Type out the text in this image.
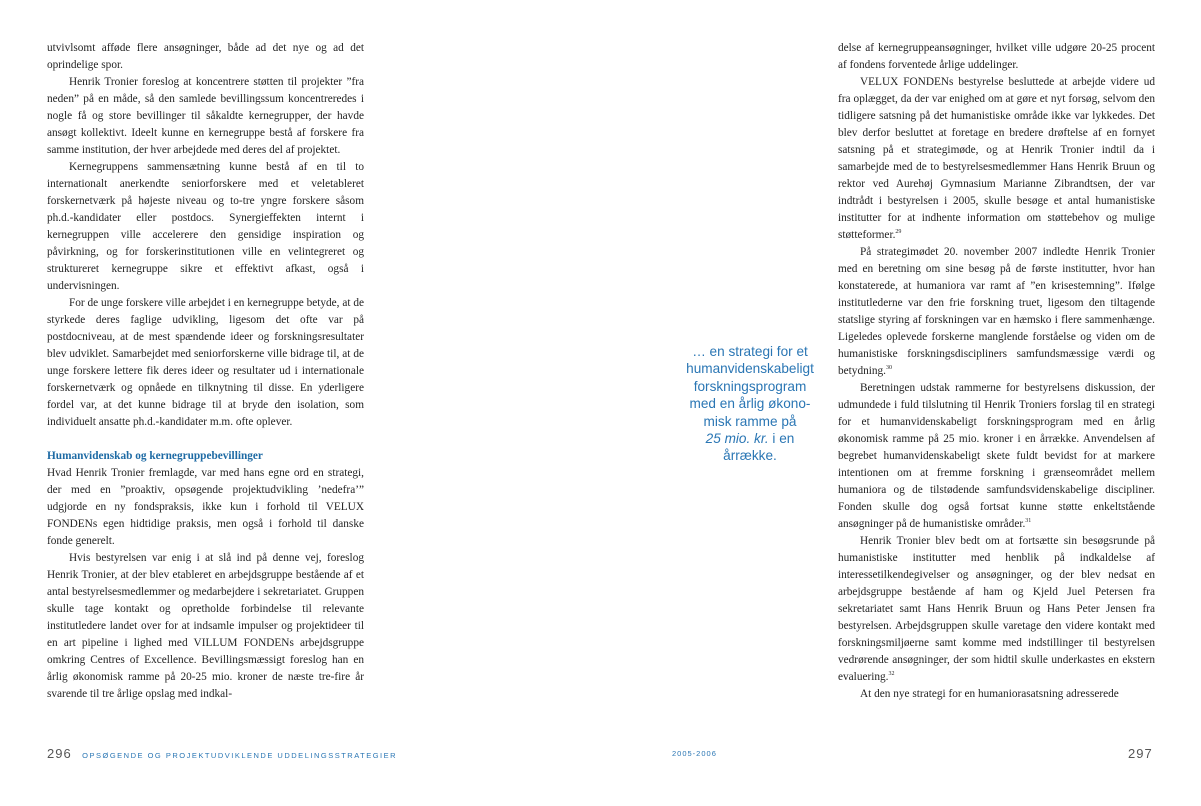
utvivlsomt afføde flere ansøgninger, både ad det nye og ad det oprindelige spor.

Henrik Tronier foreslog at koncentrere støtten til projekter ”fra neden” på en måde, så den samlede bevillingssum koncentreredes i nogle få og store bevillinger til såkaldte kernegrupper, der havde ansøgt kollektivt. Ideelt kunne en kernegruppe bestå af forskere fra samme institution, der hver arbejdede med deres del af projektet.

Kernegruppens sammensætning kunne bestå af en til to internationalt anerkendte seniorforskere med et veletableret forskernetværk på højeste niveau og to-tre yngre forskere såsom ph.d.-kandidater eller postdocs. Synergieffekten internt i kernegruppen ville accelerere den gensidige inspiration og påvirkning, og for forskerinstitutionen ville en velintegreret og struktureret kernegruppe sikre et effektivt afkast, også i undervisningen.

For de unge forskere ville arbejdet i en kernegruppe betyde, at de styrkede deres faglige udvikling, ligesom det ofte var på postdocniveau, at de mest spændende ideer og forskningsresultater blev udviklet. Samarbejdet med seniorforskerne ville bidrage til, at de unge forskere lettere fik deres ideer og resultater ud i internationale forskernetværk og opnåede en tilknytning til disse. En yderligere fordel var, at det kunne bidrage til at bryde den isolation, som individuelt ansatte ph.d.-kandidater m.m. ofte oplever.

Humanvidenskab og kernegruppebevillinger

Hvad Henrik Tronier fremlagde, var med hans egne ord en strategi, der med en ”proaktiv, opsøgende projektudvikling ’nedefra’” udgjorde en ny fondspraksis, ikke kun i forhold til VELUX FONDENs egen hidtidige praksis, men også i forhold til danske fonde generelt.

Hvis bestyrelsen var enig i at slå ind på denne vej, foreslog Henrik Tronier, at der blev etableret en arbejdsgruppe bestående af et antal bestyrelsesmedlemmer og medarbejdere i sekretariatet. Gruppen skulle tage kontakt og opretholde forbindelse til relevante institutledere landet over for at indsamle impulser og projektideer til en art pipeline i lighed med VILLUM FONDENs arbejdsgruppe omkring Centres of Excellence. Bevillingsmæssigt foreslog han en årlig økonomisk ramme på 20-25 mio. kroner de næste tre-fire år svarende til tre årlige opslag med indkal-

… en strategi for et
humanvidenskabeligt
forskningsprogram
med en årlig økono-
misk ramme på
25 mio. kr. i en
årrække.

delse af kernegruppeansøgninger, hvilket ville udgøre 20-25 procent af fondens forventede årlige uddelinger.

VELUX FONDENs bestyrelse besluttede at arbejde videre ud fra oplægget, da der var enighed om at gøre et nyt forsøg, selvom den tidligere satsning på det humanistiske område ikke var lykkedes. Det blev derfor besluttet at foretage en bredere drøftelse af en fornyet satsning på et strategimøde, og at Henrik Tronier indtil da i samarbejde med de to bestyrelsesmedlemmer Hans Henrik Bruun og rektor ved Aurehøj Gymnasium Marianne Zibrandtsen, der var indtrådt i bestyrelsen i 2005, skulle besøge et antal humanistiske institutter for at indhente information om støttebehov og mulige støtteformer.$^{29}$

På strategimødet 20. november 2007 indledte Henrik Tronier med en beretning om sine besøg på de første institutter, hvor han konstaterede, at humaniora var ramt af ”en krisestemning”. Ifølge institutlederne var den frie forskning truet, ligesom den tiltagende statslige styring af forskningen var en hæmsko i flere sammenhænge. Ligeledes oplevede forskerne manglende forståelse og viden om de humanistiske forskningsdiscipliners samfundsmæssige værdi og betydning.$^{30}$

Beretningen udstak rammerne for bestyrelsens diskussion, der udmundede i fuld tilslutning til Henrik Troniers forslag til en strategi for et humanvidenskabeligt forskningsprogram med en årlig økonomisk ramme på 25 mio. kroner i en årrække. Anvendelsen af begrebet humanvidenskabeligt skete fuldt bevidst for at markere intentionen om at fremme forskning i grænseområdet mellem humaniora og de tilstødende samfundsvidenskabelige discipliner. Fonden skulle dog også fortsat kunne støtte enkeltstående ansøgninger på de humanistiske områder.$^{31}$

Henrik Tronier blev bedt om at fortsætte sin besøgsrunde på humanistiske institutter med henblik på indkaldelse af interessetilkendegivelser og ansøgninger, og der blev nedsat en arbejdsgruppe bestående af ham og Kjeld Juel Petersen fra sekretariatet samt Hans Henrik Bruun og Hans Peter Jensen fra bestyrelsen. Arbejdsgruppen skulle varetage den videre kontakt med forskningsmiljøerne samt komme med indstillinger til bestyrelsen vedrørende ansøgninger, der som hidtil skulle underkastes en ekstern evaluering.$^{32}$

At den nye strategi for en humaniorasatsning adresserede

296 OPSØGENDE OG PROJEKTUDVIKLENDE UDDELINGSSTRATEGIER	2005-2006	297
